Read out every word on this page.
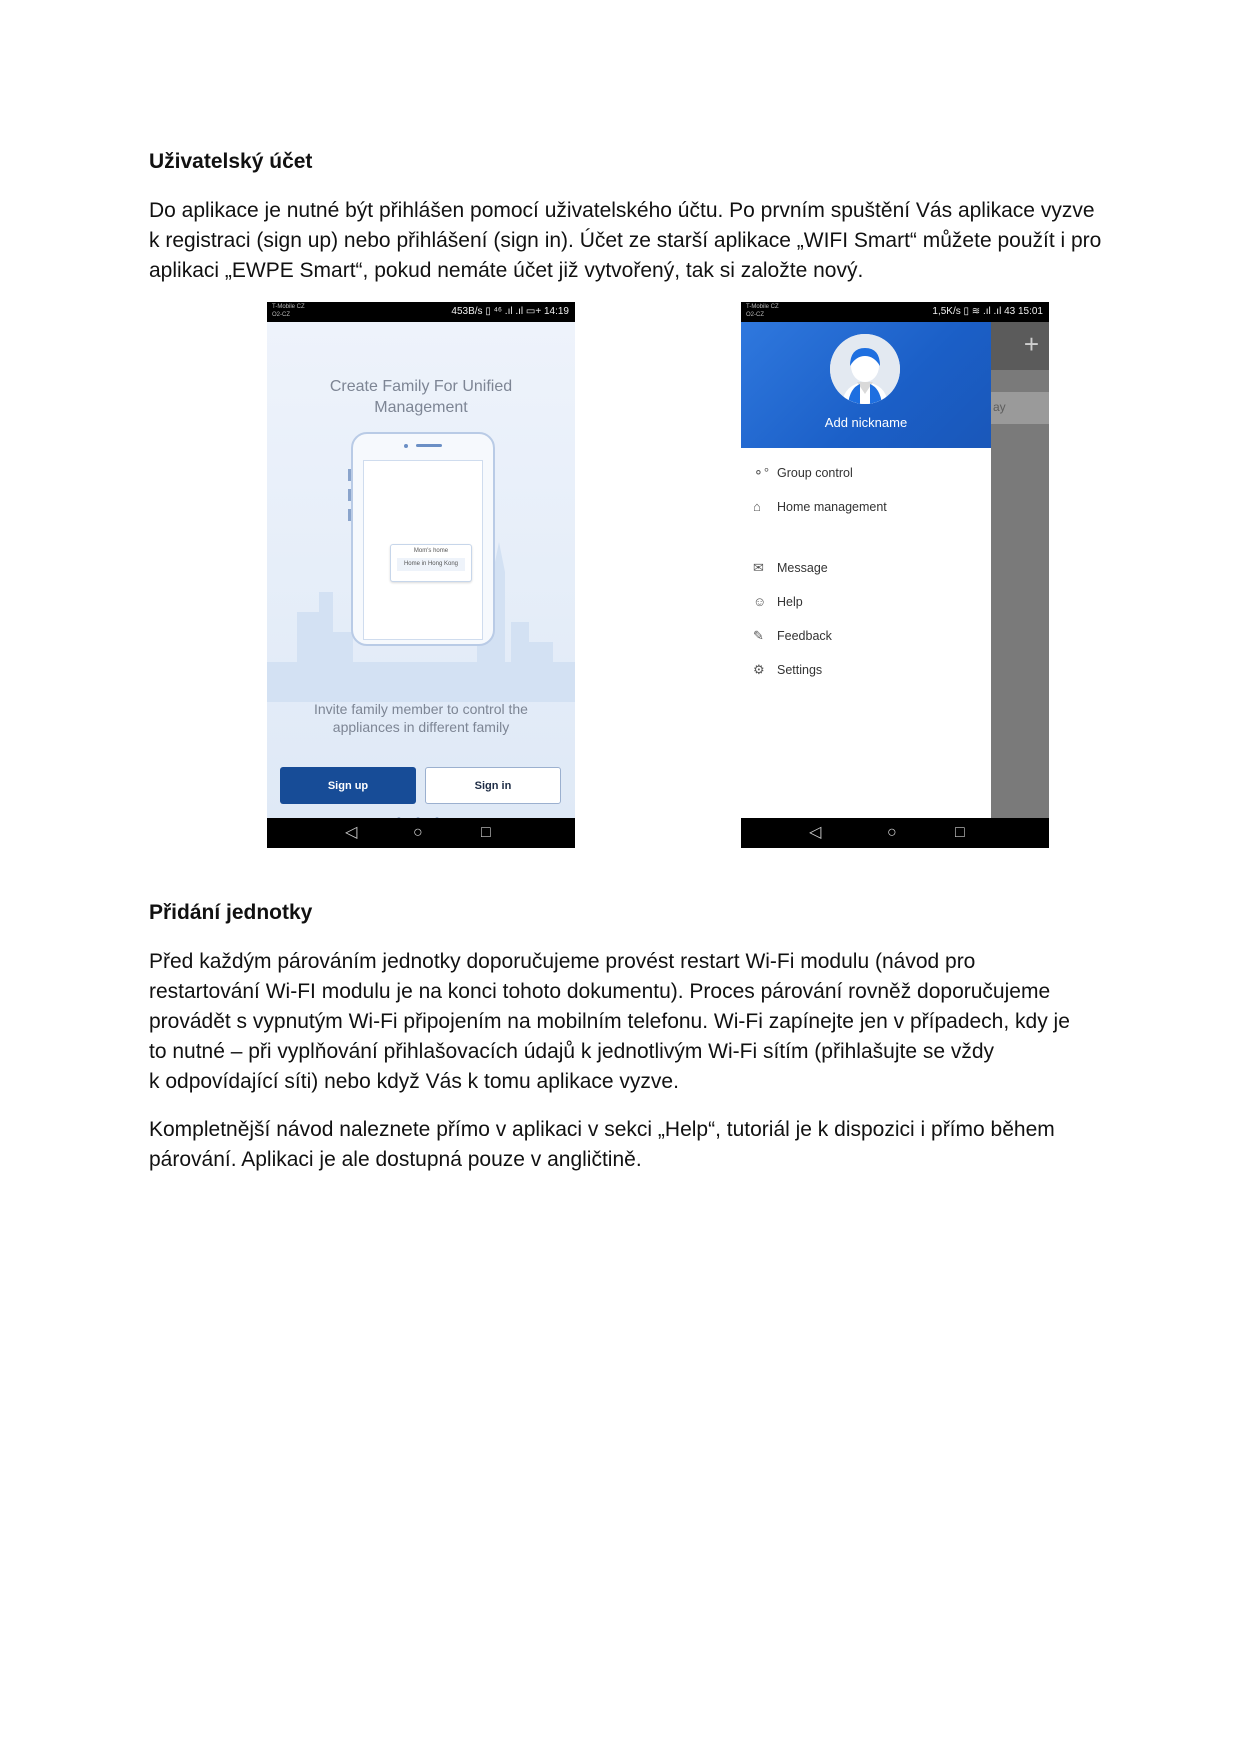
Uživatelský účet

Do aplikace je nutné být přihlášen pomocí uživatelského účtu. Po prvním spuštění Vás aplikace vyzve
k registraci (sign up) nebo přihlášení (sign in). Účet ze starší aplikace „WIFI Smart“ můžete použít i pro
aplikaci „EWPE Smart“, pokud nemáte účet již vytvořený, tak si založte nový.

T-Mobile CZ
O2-CZ	453B/s ▯ ⁴⁶ .ıl .ıl ▭+ 14:19
Create Family For Unified
Management
Mom's home
Home in Hong Kong
Invite family member to control the
appliances in different family
Sign up	Sign in
◁	○	□
T-Mobile CZ
O2-CZ	1,5K/s ▯ ≋ .ıl .ıl 43 15:01
+
ay
Add nickname
⚬° Group control
⌂	Home management
✉	Message
☺ Help
✎	Feedback
⚙ Settings
◁	○	□
Přidání jednotky

Před každým párováním jednotky doporučujeme provést restart Wi-Fi modulu (návod pro
restartování Wi-FI modulu je na konci tohoto dokumentu). Proces párování rovněž doporučujeme
provádět s vypnutým Wi-Fi připojením na mobilním telefonu. Wi-Fi zapínejte jen v případech, kdy je
to nutné – při vyplňování přihlašovacích údajů k jednotlivým Wi-Fi sítím (přihlašujte se vždy
k odpovídající síti) nebo když Vás k tomu aplikace vyzve.

Kompletnější návod naleznete přímo v aplikaci v sekci „Help“, tutoriál je k dispozici i přímo během
párování. Aplikaci je ale dostupná pouze v angličtině.
